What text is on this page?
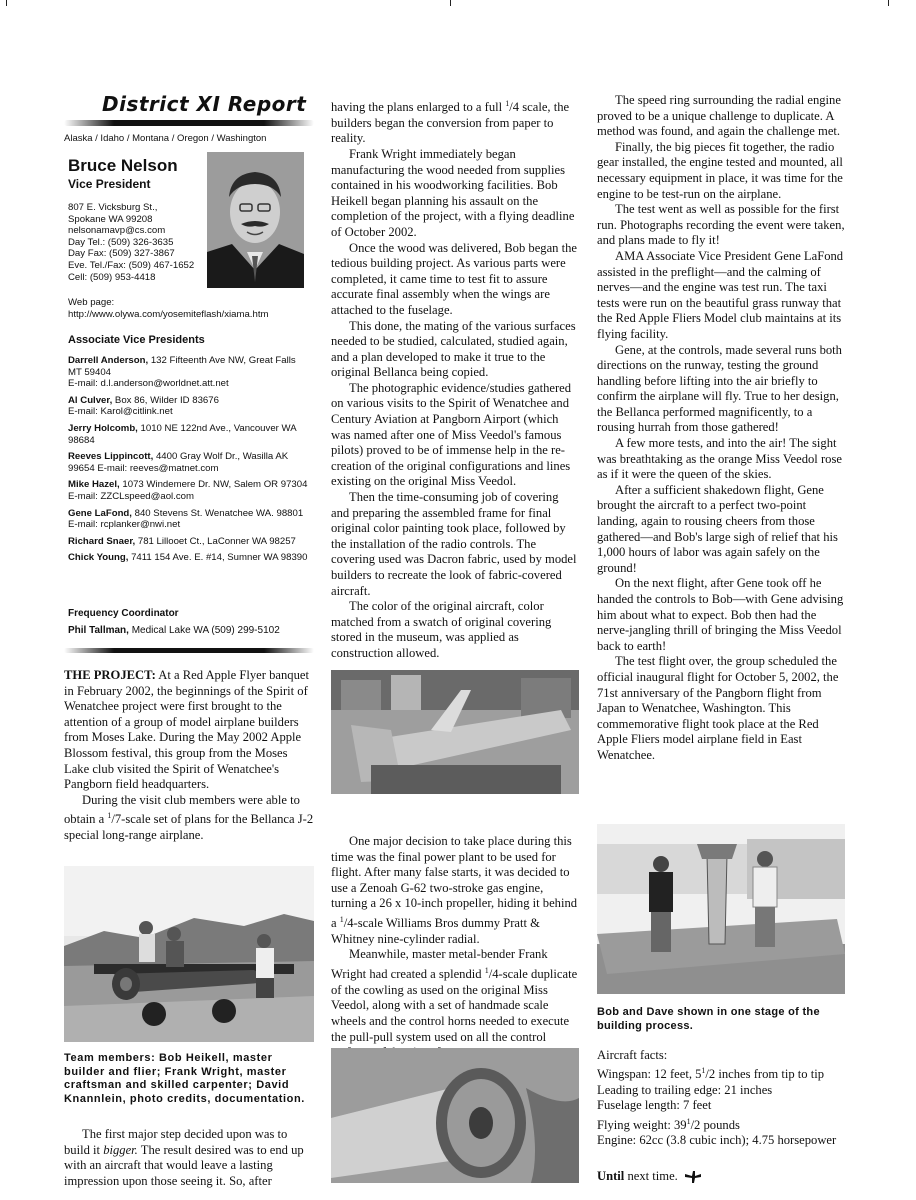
District XI Report

Alaska / Idaho / Montana / Oregon / Washington

Bruce Nelson

Vice President

807 E. Vicksburg St.,
Spokane WA 99208
nelsonamavp@cs.com
Day Tel.: (509) 326-3635
Day Fax: (509) 327-3867
Eve. Tel./Fax: (509) 467-1652
Cell: (509) 953-4418
Web page:
http://www.olywa.com/yosemiteflash/xiama.htm
Associate Vice Presidents
Darrell Anderson, 132 Fifteenth Ave NW, Great Falls MT 59404
E-mail: d.l.anderson@worldnet.att.net
Al Culver, Box 86, Wilder ID 83676
E-mail: Karol@citlink.net
Jerry Holcomb, 1010 NE 122nd Ave., Vancouver WA 98684
Reeves Lippincott, 4400 Gray Wolf Dr., Wasilla AK 99654 E-mail: reeves@matnet.com
Mike Hazel, 1073 Windemere Dr. NW, Salem OR 97304 E-mail: ZZCLspeed@aol.com
Gene LaFond, 840 Stevens St. Wenatchee WA. 98801 E-mail: rcplanker@nwi.net
Richard Snaer, 781 Lillooet Ct., LaConner WA 98257
Chick Young, 7411 154 Ave. E. #14, Sumner WA 98390
Frequency Coordinator
Phil Tallman, Medical Lake WA (509) 299-5102

THE PROJECT: At a Red Apple Flyer banquet in February 2002, the beginnings of the Spirit of Wenatchee project were first brought to the attention of a group of model airplane builders from Moses Lake. During the May 2002 Apple Blossom festival, this group from the Moses Lake club visited the Spirit of Wenatchee's Pangborn field headquarters.

During the visit club members were able to obtain a $^1$/7-scale set of plans for the Bellanca J-2 special long-range airplane.

Team members: Bob Heikell, master builder and flier; Frank Wright, master craftsman and skilled carpenter; David Knannlein, photo credits, documentation.

The first major step decided upon was to build it bigger. The result desired was to end up with an aircraft that would leave a lasting impression upon those seeing it. So, after

having the plans enlarged to a full $^1$/4 scale, the builders began the conversion from paper to reality.

Frank Wright immediately began manufacturing the wood needed from supplies contained in his woodworking facilities. Bob Heikell began planning his assault on the completion of the project, with a flying deadline of October 2002.

Once the wood was delivered, Bob began the tedious building project. As various parts were completed, it came time to test fit to assure accurate final assembly when the wings are attached to the fuselage.

This done, the mating of the various surfaces needed to be studied, calculated, studied again, and a plan developed to make it true to the original Bellanca being copied.

The photographic evidence/studies gathered on various visits to the Spirit of Wenatchee and Century Aviation at Pangborn Airport (which was named after one of Miss Veedol's famous pilots) proved to be of immense help in the re-creation of the original configurations and lines existing on the original Miss Veedol.

Then the time-consuming job of covering and preparing the assembled frame for final original color painting took place, followed by the installation of the radio controls. The covering used was Dacron fabric, used by model builders to recreate the look of fabric-covered aircraft.

The color of the original aircraft, color matched from a swatch of original covering stored in the museum, was applied as construction allowed.

One major decision to take place during this time was the final power plant to be used for flight. After many false starts, it was decided to use a Zenoah G-62 two-stroke gas engine, turning a 26 x 10-inch propeller, hiding it behind a $^1$/4-scale Williams Bros dummy Pratt & Whitney nine-cylinder radial.

Meanwhile, master metal-bender Frank Wright had created a splendid $^1$/4-scale duplicate of the cowling as used on the original Miss Veedol, along with a set of handmade scale wheels and the control horns needed to execute the pull-pull system used on all the control

The speed ring surrounding the radial engine proved to be a unique challenge to duplicate. A method was found, and again the challenge met.

Finally, the big pieces fit together, the radio gear installed, the engine tested and mounted, all necessary equipment in place, it was time for the engine to be test-run on the airplane.

The test went as well as possible for the first run. Photographs recording the event were taken, and plans made to fly it!

AMA Associate Vice President Gene LaFond assisted in the preflight—and the calming of nerves—and the engine was test run. The taxi tests were run on the beautiful grass runway that the Red Apple Fliers Model club maintains at its flying facility.

Gene, at the controls, made several runs both directions on the runway, testing the ground handling before lifting into the air briefly to confirm the airplane will fly. True to her design, the Bellanca performed magnificently, to a rousing hurrah from those gathered!

A few more tests, and into the air! The sight was breathtaking as the orange Miss Veedol rose as if it were the queen of the skies.

After a sufficient shakedown flight, Gene brought the aircraft to a perfect two-point landing, again to rousing cheers from those gathered—and Bob's large sigh of relief that his 1,000 hours of labor was again safely on the ground!

On the next flight, after Gene took off he handed the controls to Bob—with Gene advising him about what to expect. Bob then had the nerve-jangling thrill of bringing the Miss Veedol back to earth!

The test flight over, the group scheduled the official inaugural flight for October 5, 2002, the 71st anniversary of the Pangborn flight from Japan to Wenatchee, Washington. This commemorative flight took place at the Red Apple Fliers model airplane field in East Wenatchee.

Bob and Dave shown in one stage of the building process.
Aircraft facts:
Wingspan: 12 feet, $5^1/2$ inches from tip to tip
Leading to trailing edge: 21 inches
Fuselage length: 7 feet
Flying weight: $39^1/2$ pounds
Engine: 62cc (3.8 cubic inch); 4.75 horsepower
Until next time.
